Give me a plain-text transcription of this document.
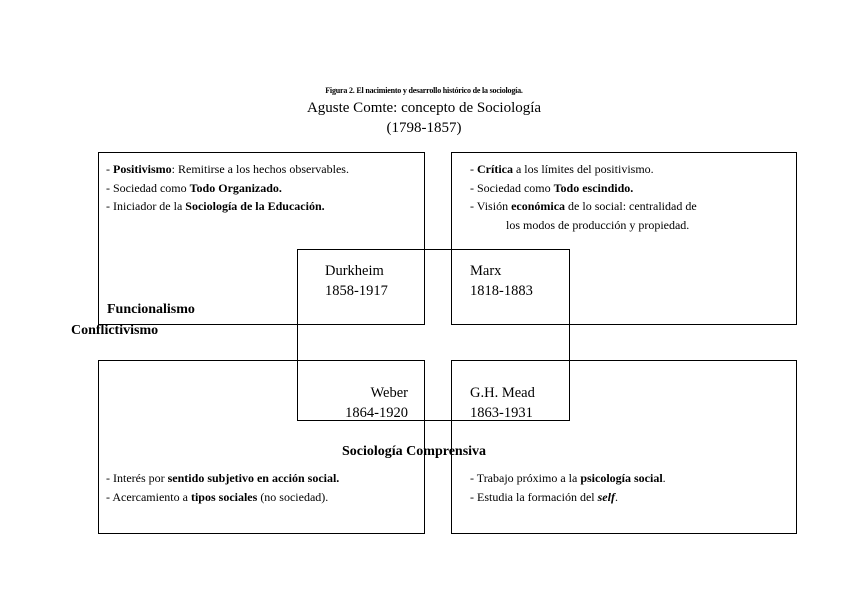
Figura 2. El nacimiento y desarrollo histórico de la sociología.
Aguste Comte: concepto de Sociología
(1798-1857)
- Positivismo: Remitirse a los hechos observables.
- Sociedad como Todo Organizado.
- Iniciador de la Sociología de la Educación.
- Crítica a los límites del positivismo.
- Sociedad como Todo escindido.
- Visión económica de lo social: centralidad de
los modos de producción y propiedad.
- Interés por sentido subjetivo en acción social.
- Acercamiento a tipos sociales (no sociedad).
- Trabajo próximo a la psicología social.
- Estudia la formación del self.
Durkheim
1858-1917
Marx
1818-1883
Weber
1864-1920
G.H. Mead
1863-1931
Funcionalismo
Conflictivismo
Sociología Comprensiva
